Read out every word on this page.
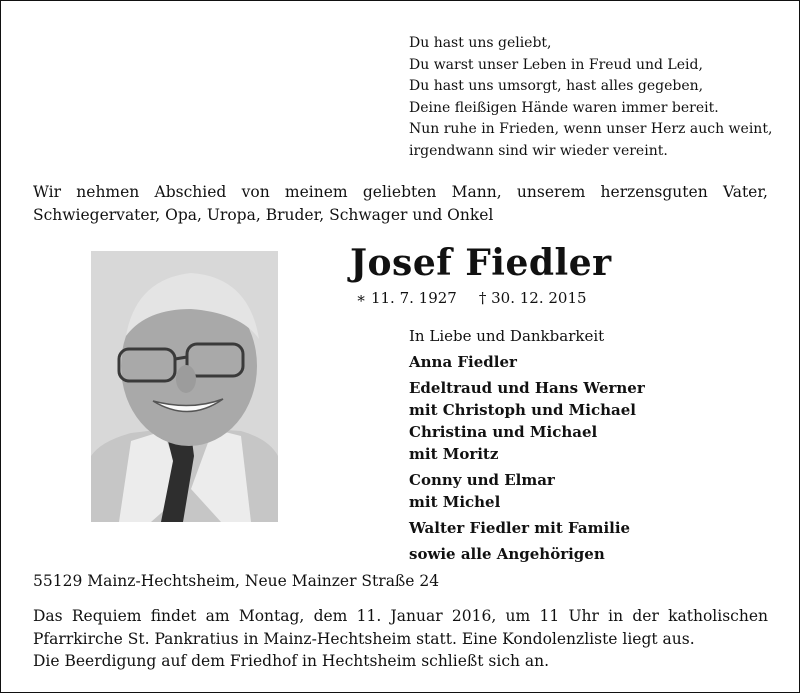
Du hast uns geliebt,
Du warst unser Leben in Freud und Leid,
Du hast uns umsorgt, hast alles gegeben,
Deine fleißigen Hände waren immer bereit.
Nun ruhe in Frieden, wenn unser Herz auch weint,
irgendwann sind wir wieder vereint.
Wir nehmen Abschied von meinem geliebten Mann, unserem herzensguten Vater, Schwiegervater, Opa, Uropa, Bruder, Schwager und Onkel
Josef Fiedler
∗ 11. 7. 1927 † 30. 12. 2015
In Liebe und Dankbarkeit
Anna Fiedler
Edeltraud und Hans Werner
mit Christoph und Michael
Christina und Michael
mit Moritz
Conny und Elmar
mit Michel
Walter Fiedler mit Familie
sowie alle Angehörigen
55129 Mainz-Hechtsheim, Neue Mainzer Straße 24
Das Requiem findet am Montag, dem 11. Januar 2016, um 11 Uhr in der katholischen Pfarrkirche St. Pankratius in Mainz-Hechtsheim statt. Eine Kondolenzliste liegt aus.
Die Beerdigung auf dem Friedhof in Hechtsheim schließt sich an.
